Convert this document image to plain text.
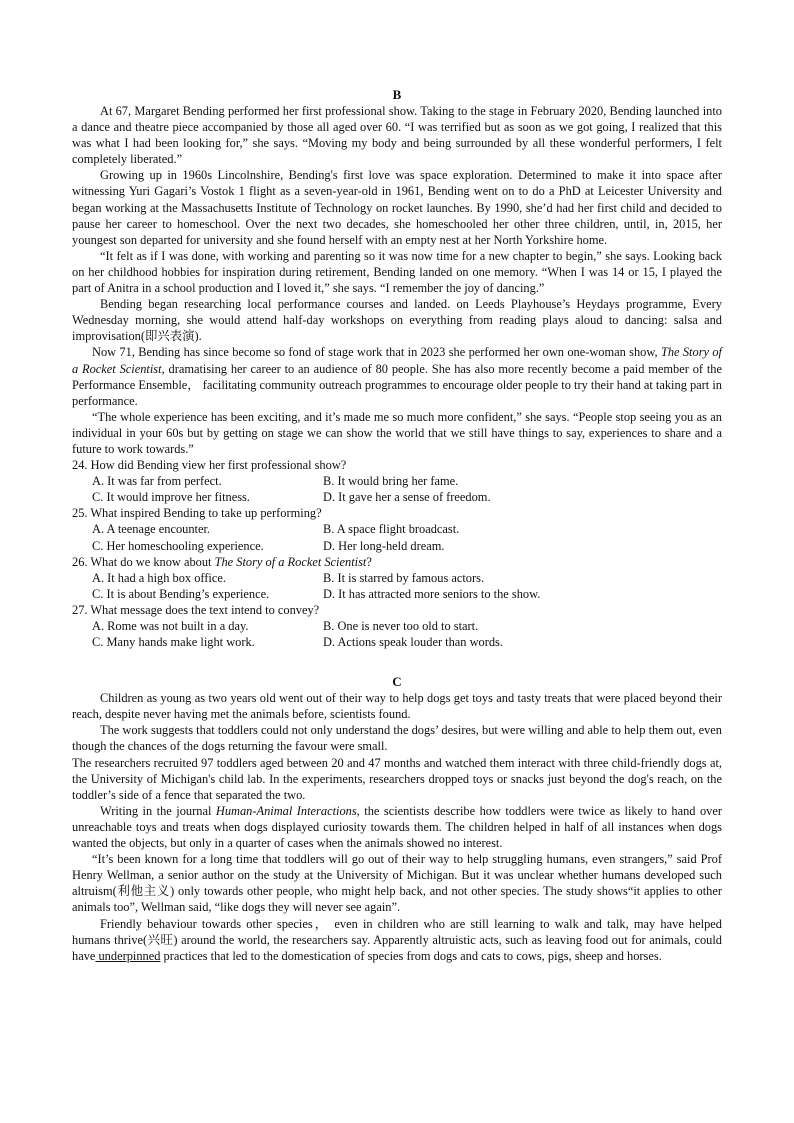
B

At 67, Margaret Bending performed her first professional show. Taking to the stage in February 2020, Bending launched into a dance and theatre piece accompanied by those all aged over 60. “I was terrified but as soon as we got going, I realized that this was what I had been looking for,” she says. “Moving my body and being surrounded by all these wonderful performers, I felt completely liberated.”

Growing up in 1960s Lincolnshire, Bending's first love was space exploration. Determined to make it into space after witnessing Yuri Gagari’s Vostok 1 flight as a seven-year-old in 1961, Bending went on to do a PhD at Leicester University and began working at the Massachusetts Institute of Technology on rocket launches. By 1990, she’d had her first child and decided to pause her career to homeschool. Over the next two decades, she homeschooled her other three children, until, in, 2015, her youngest son departed for university and she found herself with an empty nest at her North Yorkshire home.

“It felt as if I was done, with working and parenting so it was now time for a new chapter to begin,” she says. Looking back on her childhood hobbies for inspiration during retirement, Bending landed on one memory. “When I was 14 or 15, I played the part of Anitra in a school production and I loved it,” she says. “I remember the joy of dancing.”

Bending began researching local performance courses and landed. on Leeds Playhouse’s Heydays programme, Every Wednesday morning, she would attend half-day workshops on everything from reading plays aloud to dancing: salsa and improvisation(即兴表演).

Now 71, Bending has since become so fond of stage work that in 2023 she performed her own one-woman show, The Story of a Rocket Scientist, dramatising her career to an audience of 80 people. She has also more recently become a paid member of the Performance Ensemble， facilitating community outreach programmes to encourage older people to try their hand at taking part in performance.

“The whole experience has been exciting, and it’s made me so much more confident,” she says. “People stop seeing you as an individual in your 60s but by getting on stage we can show the world that we still have things to say, experiences to share and a future to work towards.”

24. How did Bending view her first professional show?

A. It was far from perfect.	B. It would bring her fame.
C. It would improve her fitness.	D. It gave her a sense of freedom.

25. What inspired Bending to take up performing?

A. A teenage encounter.	B. A space flight broadcast.
C. Her homeschooling experience.	D. Her long-held dream.

26. What do we know about The Story of a Rocket Scientist?

A. It had a high box office.	B. It is starred by famous actors.
C. It is about Bending’s experience.	D. It has attracted more seniors to the show.

27. What message does the text intend to convey?

A. Rome was not built in a day.	B. One is never too old to start.
C. Many hands make light work.	D. Actions speak louder than words.
C

Children as young as two years old went out of their way to help dogs get toys and tasty treats that were placed beyond their reach, despite never having met the animals before, scientists found.

The work suggests that toddlers could not only understand the dogs’ desires, but were willing and able to help them out, even though the chances of the dogs returning the favour were small.

The researchers recruited 97 toddlers aged between 20 and 47 months and watched them interact with three child-friendly dogs at, the University of Michigan's child lab. In the experiments, researchers dropped toys or snacks just beyond the dog's reach, on the toddler’s side of a fence that separated the two.

Writing in the journal Human-Animal Interactions, the scientists describe how toddlers were twice as likely to hand over unreachable toys and treats when dogs displayed curiosity towards them. The children helped in half of all instances when dogs wanted the objects, but only in a quarter of cases when the animals showed no interest.

“It’s been known for a long time that toddlers will go out of their way to help struggling humans, even strangers,” said Prof Henry Wellman, a senior author on the study at the University of Michigan. But it was unclear whether humans developed such altruism(利他主义) only towards other people, who might help back, and not other species. The study shows“it applies to other animals too”, Wellman said, “like dogs they will never see again”.

Friendly behaviour towards other species， even in children who are still learning to walk and talk, may have helped humans thrive(兴旺) around the world, the researchers say. Apparently altruistic acts, such as leaving food out for animals, could have underpinned practices that led to the domestication of species from dogs and cats to cows, pigs, sheep and horses.
